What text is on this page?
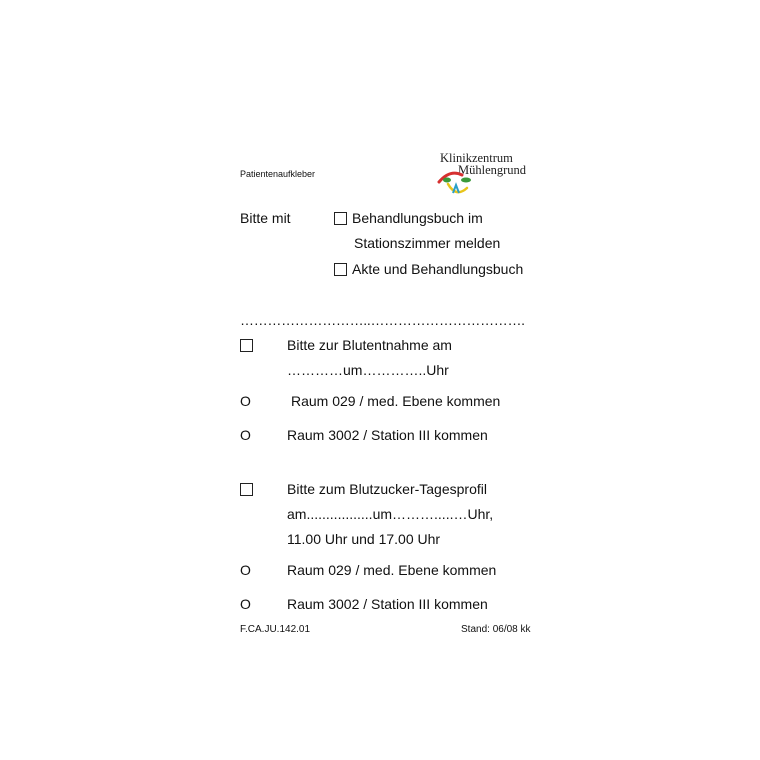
Patientenaufkleber
Klinikzentrum
Mühlengrund
Bitte mit	Behandlungsbuch im
Stationszimmer melden
Akte und Behandlungsbuch
………………………..…………………………….
Bitte zur Blutentnahme am
…………um…………..Uhr
O	Raum 029 / med. Ebene kommen
O	Raum 3002 / Station III kommen
Bitte zum Blutzucker-Tagesprofil
am.................um……….....…Uhr,
11.00 Uhr und 17.00 Uhr
O	Raum 029 / med. Ebene kommen
O	Raum 3002 / Station III kommen
F.CA.JU.142.01	Stand: 06/08 kk
